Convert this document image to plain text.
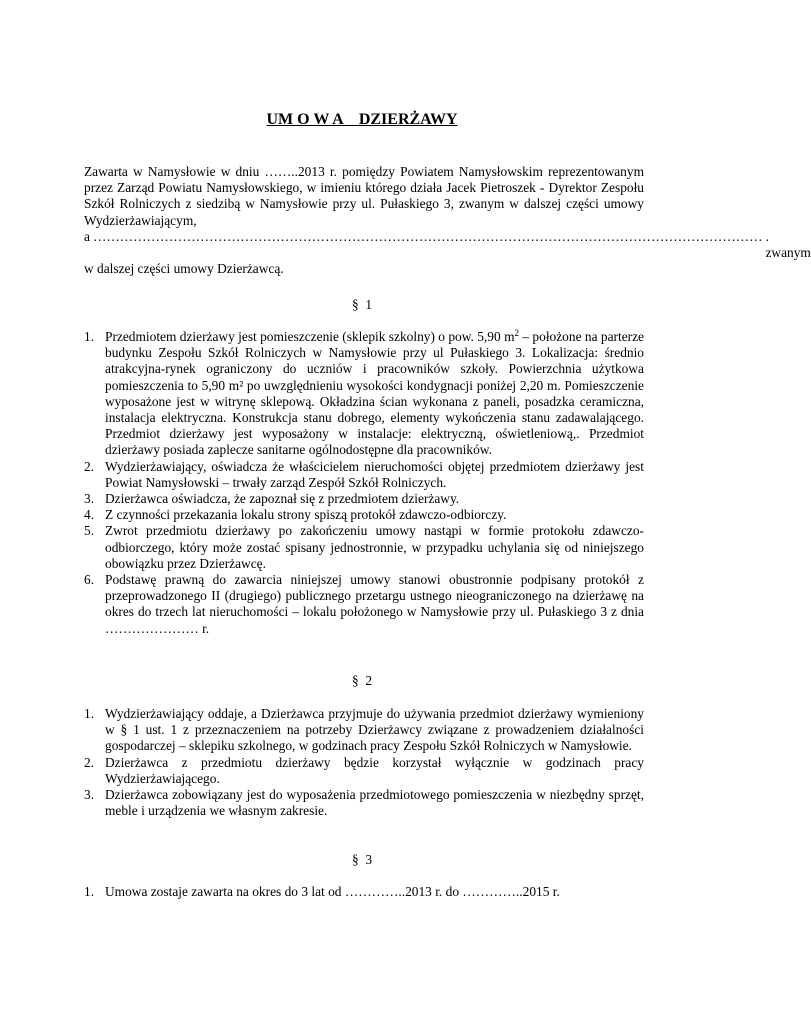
UM O W A    DZIERŻAWY

Zawarta w Namysłowie w dniu ……..2013 r. pomiędzy Powiatem Namysłowskim reprezentowanym przez Zarząd Powiatu Namysłowskiego, w imieniu którego działa Jacek Pietroszek - Dyrektor Zespołu Szkół Rolniczych z siedzibą w Namysłowie przy ul. Pułaskiego 3, zwanym w dalszej części umowy Wydzierżawiającym,

a …………………………………………………………………………………………………………………………………… . zwanym

w dalszej części umowy Dzierżawcą.

§  1
1. Przedmiotem dzierżawy jest pomieszczenie (sklepik szkolny) o pow. 5,90 $m^2$ – położone na parterze budynku Zespołu Szkół Rolniczych w Namysłowie przy ul Pułaskiego 3. Lokalizacja: średnio atrakcyjna-rynek ograniczony do uczniów i pracowników szkoły. Powierzchnia użytkowa pomieszczenia to 5,90 m² po uwzględnieniu wysokości kondygnacji poniżej 2,20 m. Pomieszczenie wyposażone jest w witrynę sklepową. Okładzina ścian wykonana z paneli, posadzka ceramiczna, instalacja elektryczna. Konstrukcja stanu dobrego, elementy wykończenia stanu zadawalającego. Przedmiot dzierżawy jest wyposażony w instalacje: elektryczną, oświetleniową,. Przedmiot dzierżawy posiada zaplecze sanitarne ogólnodostępne dla pracowników.
2. Wydzierżawiający, oświadcza że właścicielem nieruchomości objętej przedmiotem dzierżawy jest Powiat Namysłowski – trwały zarząd Zespół Szkół Rolniczych.
3. Dzierżawca oświadcza, że zapoznał się z przedmiotem dzierżawy.
4. Z czynności przekazania lokalu strony spiszą protokół zdawczo-odbiorczy.
5. Zwrot przedmiotu dzierżawy po zakończeniu umowy nastąpi w formie protokołu zdawczo-odbiorczego, który może zostać spisany jednostronnie, w przypadku uchylania się od niniejszego obowiązku przez Dzierżawcę.
6. Podstawę prawną do zawarcia niniejszej umowy stanowi obustronnie podpisany protokół z przeprowadzonego II (drugiego) publicznego przetargu ustnego nieograniczonego na dzierżawę na okres do trzech lat nieruchomości – lokalu położonego w Namysłowie przy ul. Pułaskiego 3 z dnia ………………… r.
§  2
1. Wydzierżawiający oddaje, a Dzierżawca przyjmuje do używania przedmiot dzierżawy wymieniony w § 1 ust. 1 z przeznaczeniem na potrzeby Dzierżawcy związane z prowadzeniem działalności gospodarczej – sklepiku szkolnego, w godzinach pracy Zespołu Szkół Rolniczych w Namysłowie.
2. Dzierżawca z przedmiotu dzierżawy będzie korzystał wyłącznie w godzinach pracy Wydzierżawiającego.
3. Dzierżawca zobowiązany jest do wyposażenia przedmiotowego pomieszczenia w niezbędny sprzęt, meble i urządzenia we własnym zakresie.
§  3
1. Umowa zostaje zawarta na okres do 3 lat od …………..2013 r. do …………..2015 r.
